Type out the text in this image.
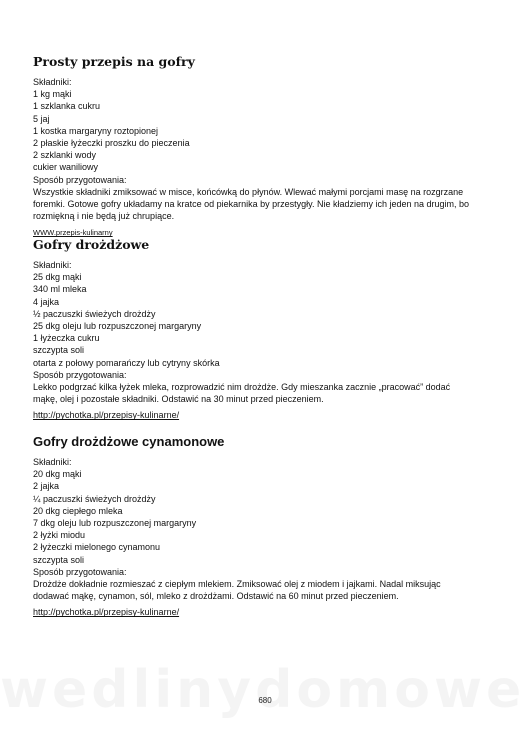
Prosty przepis na gofry
Składniki:
1 kg mąki
1 szklanka cukru
5 jaj
1 kostka margaryny roztopionej
2 płaskie łyżeczki proszku do pieczenia
2 szklanki wody
cukier waniliowy
Sposób przygotowania:
Wszystkie składniki zmiksować w misce, końcówką do płynów. Wlewać małymi porcjami masę na rozgrzane foremki. Gotowe gofry układamy na kratce od piekarnika by przestygły. Nie kładziemy ich jeden na drugim, bo rozmiękną i nie będą już chrupiące.
WWW.przepis-kulinarny
Gofry drożdżowe
Składniki:
25 dkg mąki
340 ml mleka
4 jajka
½ paczuszki świeżych drożdży
25 dkg oleju lub rozpuszczonej margaryny
1 łyżeczka cukru
szczypta soli
otarta z połowy pomarańczy lub cytryny skórka
Sposób przygotowania:
Lekko podgrzać kilka łyżek mleka, rozprowadzić nim drożdże. Gdy mieszanka zacznie „pracować” dodać mąkę, olej i pozostałe składniki. Odstawić na 30 minut przed pieczeniem.
http://pychotka.pl/przepisy-kulinarne/
Gofry drożdżowe cynamonowe
Składniki:
20 dkg mąki
2 jajka
¼ paczuszki świeżych drożdży
20 dkg ciepłego mleka
7 dkg oleju lub rozpuszczonej margaryny
2 łyżki miodu
2 łyżeczki mielonego cynamonu
szczypta soli
Sposób przygotowania:
Drożdże dokładnie rozmieszać z ciepłym mlekiem. Zmiksować olej z miodem i jajkami. Nadal miksując dodawać mąkę, cynamon, sól, mleko z drożdżami. Odstawić na 60 minut przed pieczeniem.
http://pychotka.pl/przepisy-kulinarne/
680
